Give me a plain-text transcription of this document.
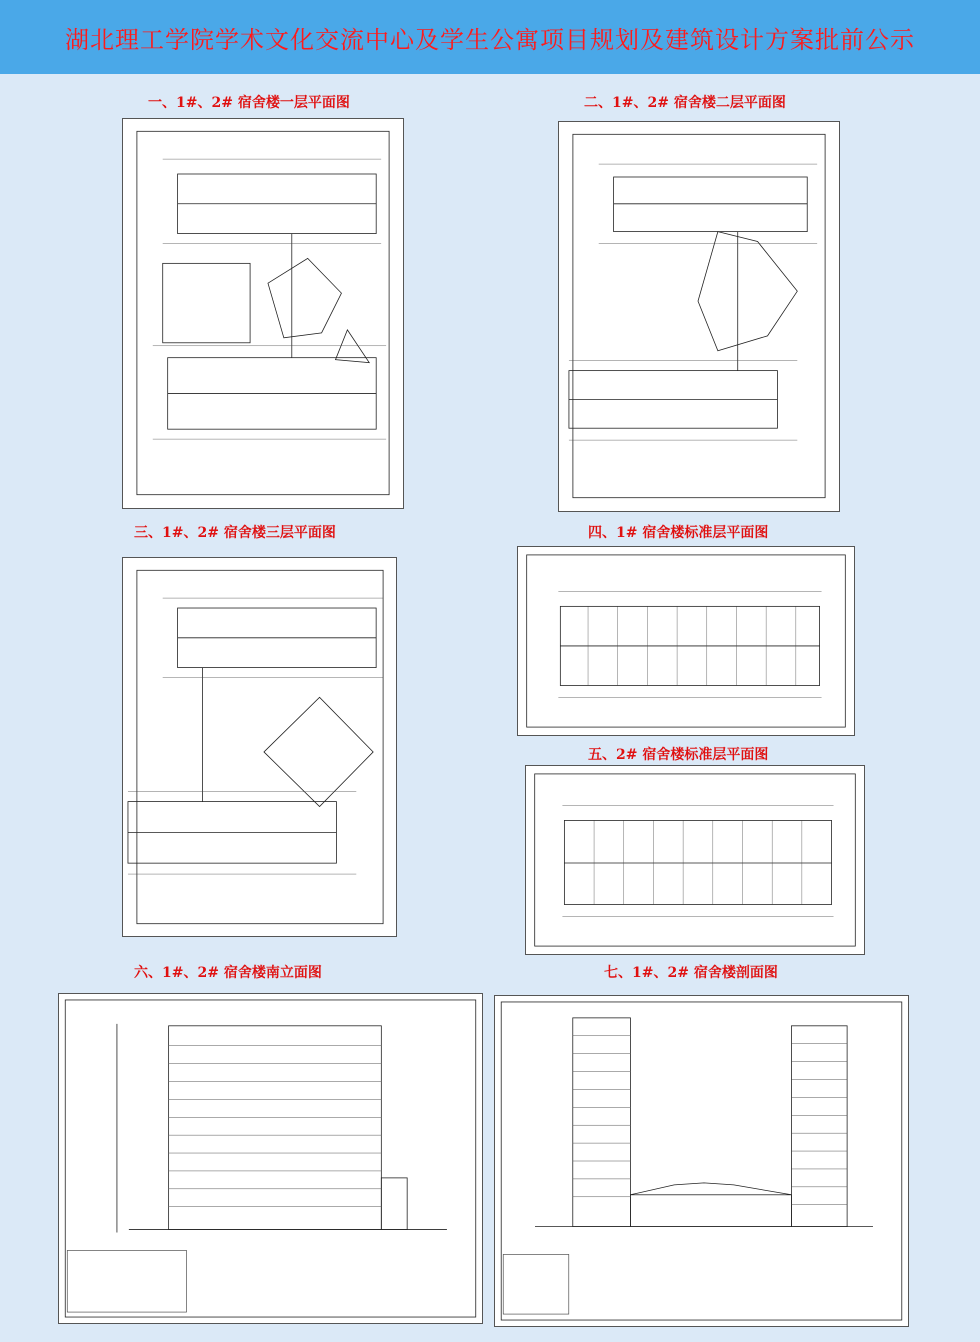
湖北理工学院学术文化交流中心及学生公寓项目规划及建筑设计方案批前公示
一、1#、2# 宿舍楼一层平面图	二、1#、2# 宿舍楼二层平面图
三、1#、2# 宿舍楼三层平面图	四、1# 宿舍楼标准层平面图
五、2# 宿舍楼标准层平面图
六、1#、2# 宿舍楼南立面图	七、1#、2# 宿舍楼剖面图
